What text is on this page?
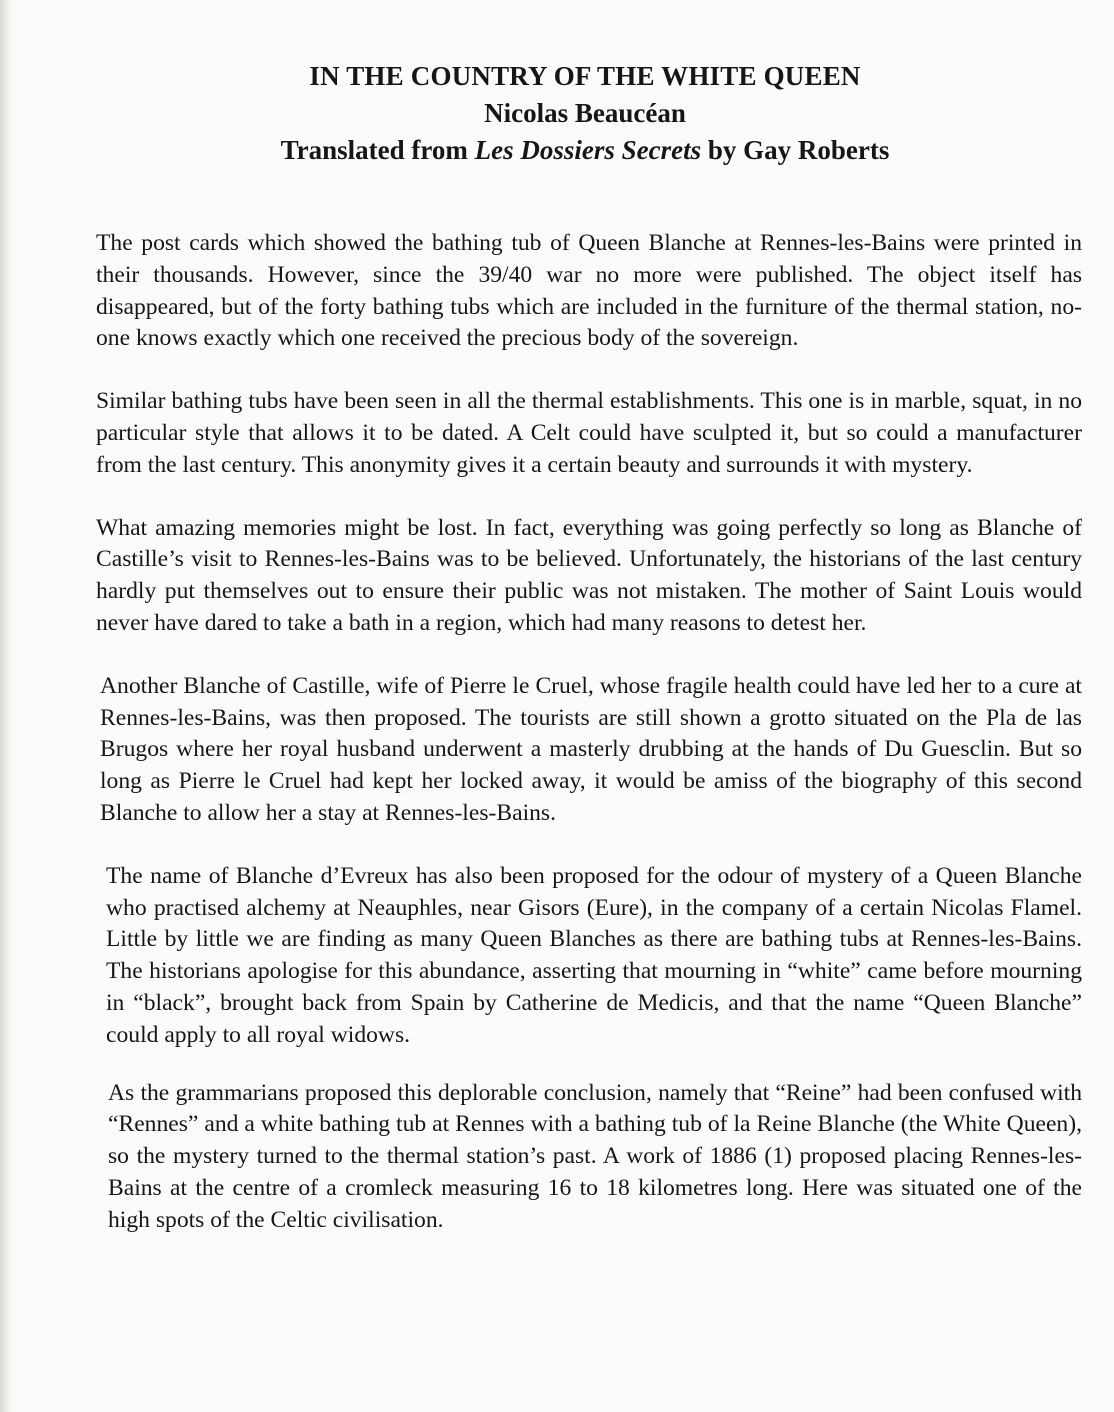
IN THE COUNTRY OF THE WHITE QUEEN
Nicolas Beaucéan
Translated from Les Dossiers Secrets by Gay Roberts

The post cards which showed the bathing tub of Queen Blanche at Rennes-les-Bains were printed in their thousands. However, since the 39/40 war no more were published. The object itself has disappeared, but of the forty bathing tubs which are included in the furniture of the thermal station, no-one knows exactly which one received the precious body of the sovereign.

Similar bathing tubs have been seen in all the thermal establishments. This one is in marble, squat, in no particular style that allows it to be dated. A Celt could have sculpted it, but so could a manufacturer from the last century. This anonymity gives it a certain beauty and surrounds it with mystery.

What amazing memories might be lost. In fact, everything was going perfectly so long as Blanche of Castille’s visit to Rennes-les-Bains was to be believed. Unfortunately, the historians of the last century hardly put themselves out to ensure their public was not mistaken. The mother of Saint Louis would never have dared to take a bath in a region, which had many reasons to detest her.

Another Blanche of Castille, wife of Pierre le Cruel, whose fragile health could have led her to a cure at Rennes-les-Bains, was then proposed. The tourists are still shown a grotto situated on the Pla de las Brugos where her royal husband underwent a masterly drubbing at the hands of Du Guesclin. But so long as Pierre le Cruel had kept her locked away, it would be amiss of the biography of this second Blanche to allow her a stay at Rennes-les-Bains.

The name of Blanche d’Evreux has also been proposed for the odour of mystery of a Queen Blanche who practised alchemy at Neauphles, near Gisors (Eure), in the company of a certain Nicolas Flamel. Little by little we are finding as many Queen Blanches as there are bathing tubs at Rennes-les-Bains. The historians apologise for this abundance, asserting that mourning in “white” came before mourning in “black”, brought back from Spain by Catherine de Medicis, and that the name “Queen Blanche” could apply to all royal widows.

As the grammarians proposed this deplorable conclusion, namely that “Reine” had been confused with “Rennes” and a white bathing tub at Rennes with a bathing tub of la Reine Blanche (the White Queen), so the mystery turned to the thermal station’s past. A work of 1886 (1) proposed placing Rennes-les-Bains at the centre of a cromleck measuring 16 to 18 kilometres long. Here was situated one of the high spots of the Celtic civilisation.
